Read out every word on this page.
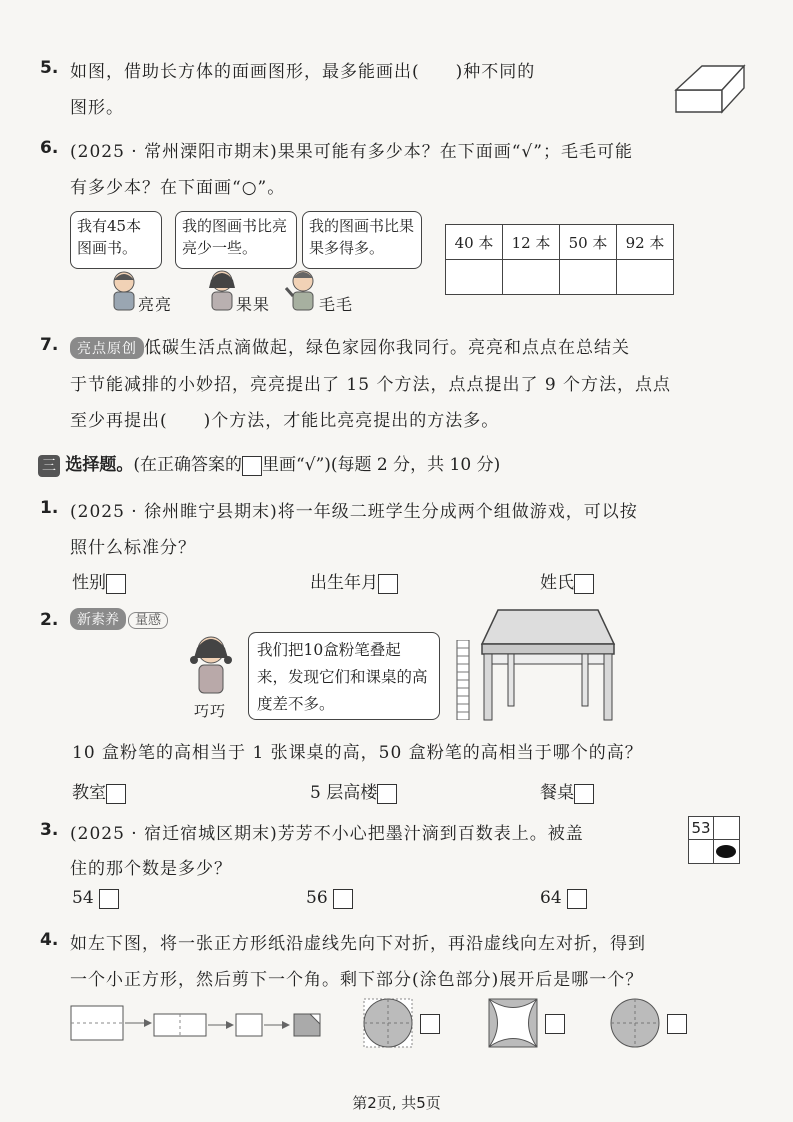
5. 如图，借助长方体的面画图形，最多能画出(　　)种不同的
图形。
6. (2025 · 常州溧阳市期末)果果可能有多少本？在下面画“√”；毛毛可能
有多少本？在下面画“○”。
我有45本图画书。
我的图画书比亮亮少一些。
我的图画书比果果多得多。
亮亮	果果	毛毛
40 本	12 本	50 本	92 本

7.	亮点原创 低碳生活点滴做起，绿色家园你我同行。亮亮和点点在总结关
于节能减排的小妙招，亮亮提出了 15 个方法，点点提出了 9 个方法，点点
至少再提出(　　)个方法，才能比亮亮提出的方法多。
三 选择题。(在正确答案的 里画“√”)(每题 2 分，共 10 分)
1. (2025 · 徐州睢宁县期末)将一年级二班学生分成两个组做游戏，可以按
照什么标准分？
性别	出生年月	姓氏
2.	新素养 量感
巧巧
我们把10盒粉笔叠起来，发现它们和课桌的高度差不多。
10 盒粉笔的高相当于 1 张课桌的高，50 盒粉笔的高相当于哪个的高？
教室	5 层高楼	餐桌
3. (2025 · 宿迁宿城区期末)芳芳不小心把墨汁滴到百数表上。被盖
住的那个数是多少？
53
54	56	64
4. 如左下图，将一张正方形纸沿虚线先向下对折，再沿虚线向左对折，得到
一个小正方形，然后剪下一个角。剩下部分(涂色部分)展开后是哪一个？
第2页, 共5页
